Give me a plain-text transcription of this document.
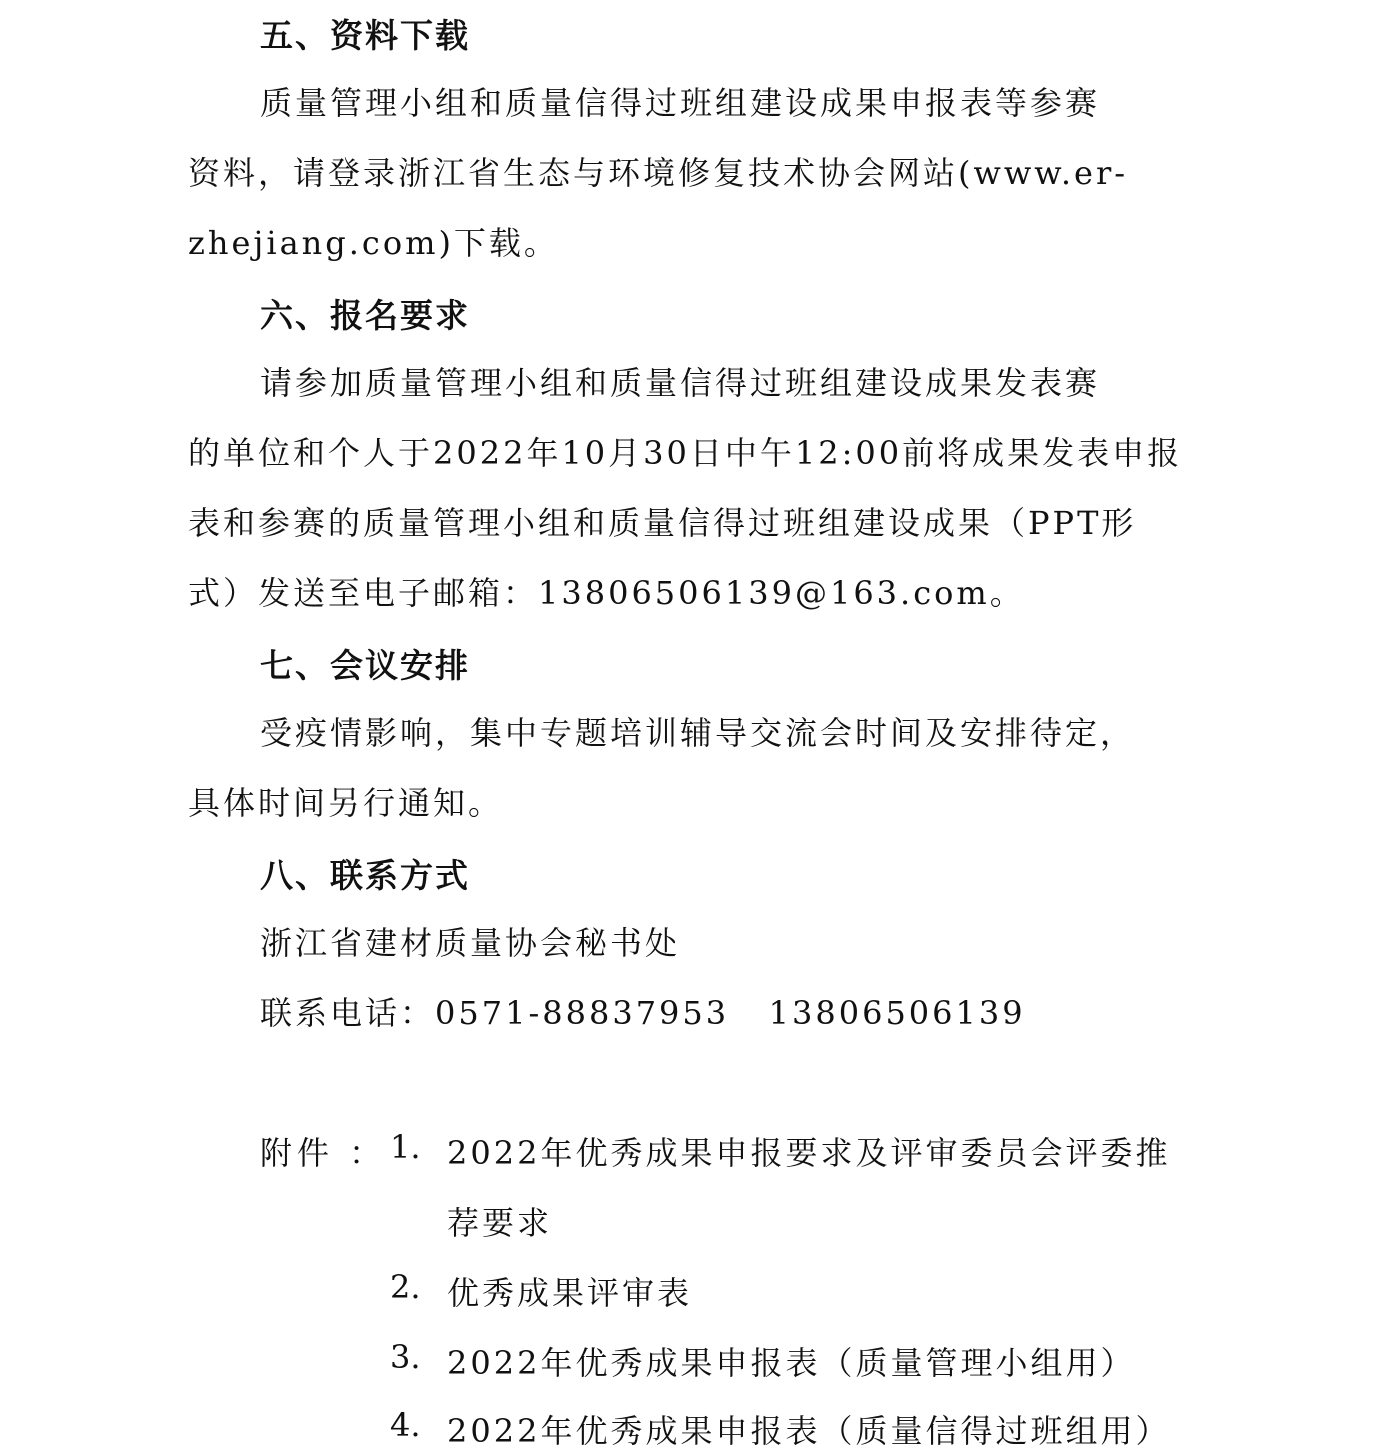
五、资料下载
质量管理小组和质量信得过班组建设成果申报表等参赛
资料，请登录浙江省生态与环境修复技术协会网站(www.er-
zhejiang.com)下载。
六、报名要求
请参加质量管理小组和质量信得过班组建设成果发表赛
的单位和个人于2022年10月30日中午12:00前将成果发表申报
表和参赛的质量管理小组和质量信得过班组建设成果（PPT形
式）发送至电子邮箱：13806506139@163.com。
七、会议安排
受疫情影响，集中专题培训辅导交流会时间及安排待定，
具体时间另行通知。
八、联系方式
浙江省建材质量协会秘书处
联系电话：0571-88837953   13806506139
附件 ： 1. 2022年优秀成果申报要求及评审委员会评委推
荐要求
2. 优秀成果评审表
3. 2022年优秀成果申报表（质量管理小组用）
4. 2022年优秀成果申报表（质量信得过班组用）
